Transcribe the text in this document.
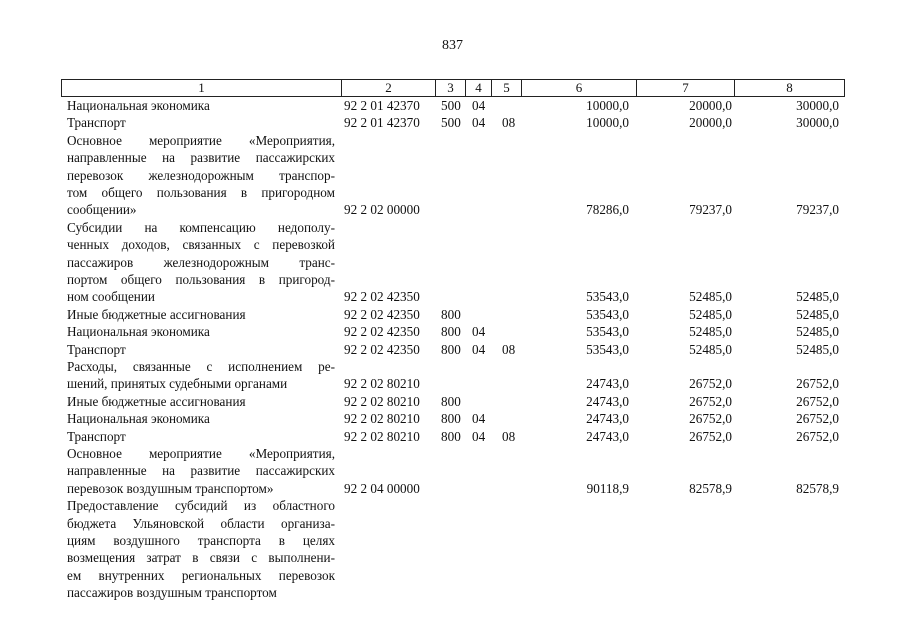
837
1	2	3	4	5	6	7	8
Национальная экономика	92 2 01 42370 500 04	10000,0	20000,0	30000,0
Транспорт	92 2 01 42370 500 04 08	10000,0	20000,0	30000,0
Основное мероприятие «Мероприятия,
направленные на развитие пассажирских
перевозок железнодорожным транспор-
том общего пользования в пригородном
сообщении»	92 2 02 00000	78286,0	79237,0	79237,0
Субсидии на компенсацию недополу-
ченных доходов, связанных с перевозкой
пассажиров железнодорожным транс-
портом общего пользования в пригород-
ном сообщении	92 2 02 42350	53543,0	52485,0	52485,0
Иные бюджетные ассигнования	92 2 02 42350 800	53543,0	52485,0	52485,0
Национальная экономика	92 2 02 42350 800 04	53543,0	52485,0	52485,0
Транспорт	92 2 02 42350 800 04 08	53543,0	52485,0	52485,0
Расходы, связанные с исполнением ре-
шений, принятых судебными органами	92 2 02 80210	24743,0	26752,0	26752,0
Иные бюджетные ассигнования	92 2 02 80210 800	24743,0	26752,0	26752,0
Национальная экономика	92 2 02 80210 800 04	24743,0	26752,0	26752,0
Транспорт	92 2 02 80210 800 04 08	24743,0	26752,0	26752,0
Основное мероприятие «Мероприятия,
направленные на развитие пассажирских
перевозок воздушным транспортом»	92 2 04 00000	90118,9	82578,9	82578,9
Предоставление субсидий из областного
бюджета Ульяновской области организа-
циям воздушного транспорта в целях
возмещения затрат в связи с выполнени-
ем внутренних региональных перевозок
пассажиров воздушным транспортом
